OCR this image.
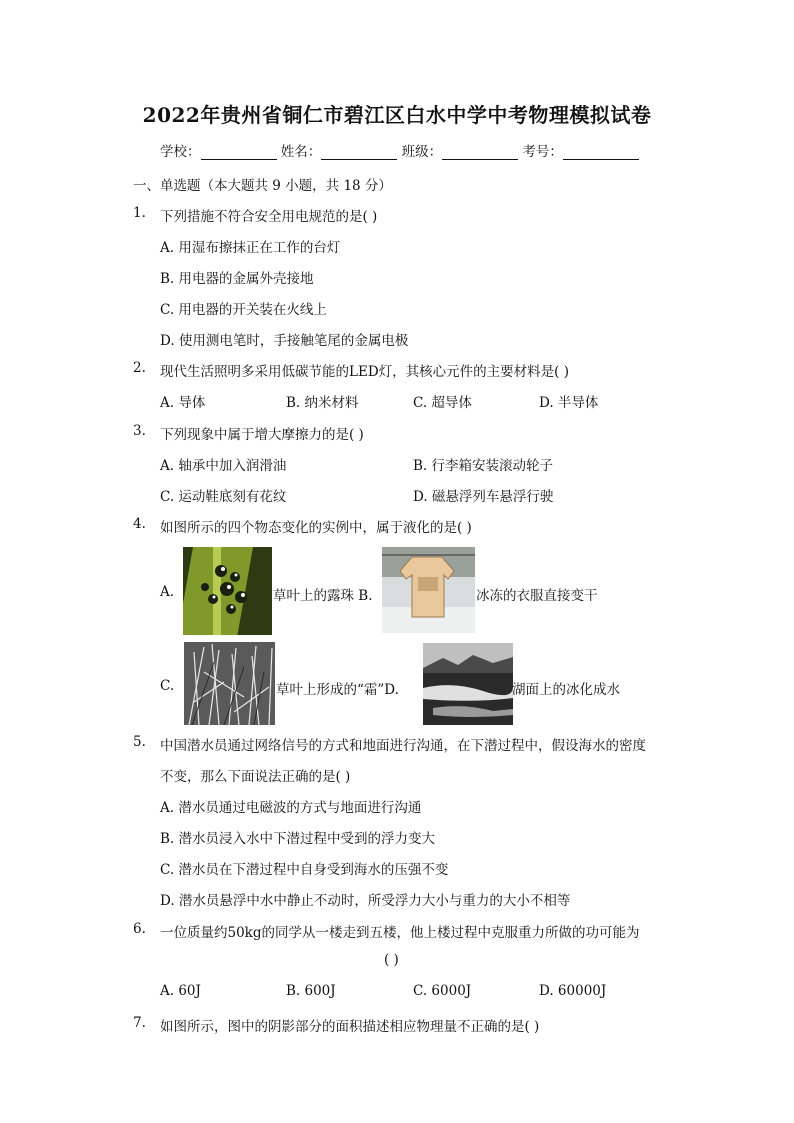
2022年贵州省铜仁市碧江区白水中学中考物理模拟试卷
学校：	姓名：	班级：	考号：
一、单选题（本大题共 9 小题，共 18 分）
1. 下列措施不符合安全用电规范的是( )
A. 用湿布擦抹正在工作的台灯
B. 用电器的金属外壳接地
C. 用电器的开关装在火线上
D. 使用测电笔时，手接触笔尾的金属电极
2. 现代生活照明多采用低碳节能的LED灯，其核心元件的主要材料是( )
A. 导体	B. 纳米材料	C. 超导体	D. 半导体
3. 下列现象中属于增大摩擦力的是( )
A. 轴承中加入润滑油	B. 行李箱安装滚动轮子
C. 运动鞋底刻有花纹	D. 磁悬浮列车悬浮行驶
4. 如图所示的四个物态变化的实例中，属于液化的是( )
A.	草叶上的露珠 B.	冰冻的衣服直接变干
C.	草叶上形成的“霜”D.	湖面上的冰化成水
5. 中国潜水员通过网络信号的方式和地面进行沟通，在下潜过程中，假设海水的密度
不变，那么下面说法正确的是( )
A. 潜水员通过电磁波的方式与地面进行沟通
B. 潜水员浸入水中下潜过程中受到的浮力变大
C. 潜水员在下潜过程中自身受到海水的压强不变
D. 潜水员悬浮中水中静止不动时，所受浮力大小与重力的大小不相等
6. 一位质量约50kg的同学从一楼走到五楼，他上楼过程中克服重力所做的功可能为
( )
A. 60J	B. 600J	C. 6000J	D. 60000J
7. 如图所示，图中的阴影部分的面积描述相应物理量不正确的是( )
